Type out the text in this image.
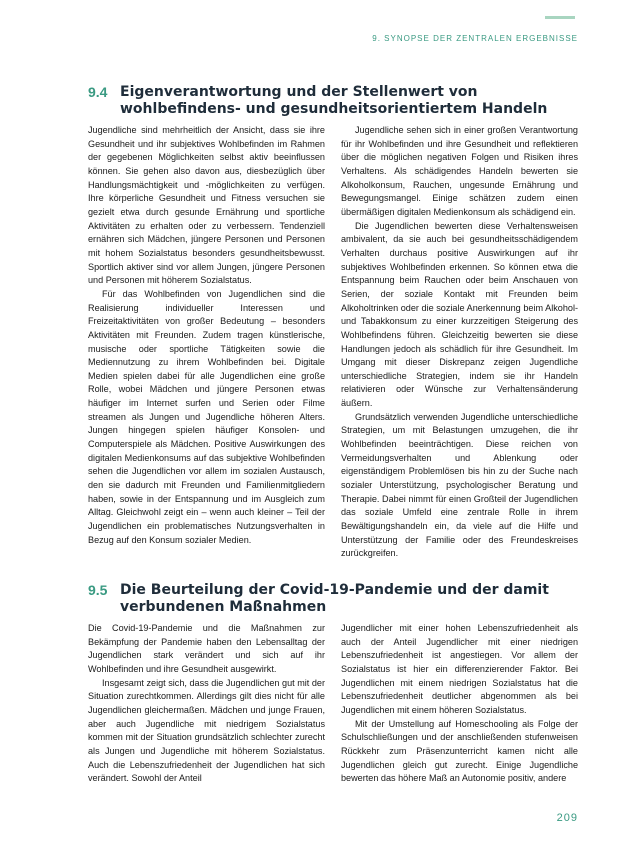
9. SYNOPSE DER ZENTRALEN ERGEBNISSE
9.4 Eigenverantwortung und der Stellenwert von wohlbefindens- und gesundheitsorientiertem Handeln

Jugendliche sind mehrheitlich der Ansicht, dass sie ihre Gesundheit und ihr subjektives Wohlbefinden im Rahmen der gegebenen Möglichkeiten selbst aktiv beeinflussen können. Sie gehen also davon aus, diesbezüglich über Handlungsmächtigkeit und -möglichkeiten zu verfügen. Ihre körperliche Gesundheit und Fitness versuchen sie gezielt etwa durch gesunde Ernährung und sportliche Aktivitäten zu erhalten oder zu verbessern. Tendenziell ernähren sich Mädchen, jüngere Personen und Personen mit hohem Sozialstatus besonders gesundheitsbewusst. Sportlich aktiver sind vor allem Jungen, jüngere Personen und Personen mit höherem Sozialstatus.

Für das Wohlbefinden von Jugendlichen sind die Realisierung individueller Interessen und Freizeitaktivitäten von großer Bedeutung – besonders Aktivitäten mit Freunden. Zudem tragen künstlerische, musische oder sportliche Tätigkeiten sowie die Mediennutzung zu ihrem Wohlbefinden bei. Digitale Medien spielen dabei für alle Jugendlichen eine große Rolle, wobei Mädchen und jüngere Personen etwas häufiger im Internet surfen und Serien oder Filme streamen als Jungen und Jugendliche höheren Alters. Jungen hingegen spielen häufiger Konsolen- und Computerspiele als Mädchen. Positive Auswirkungen des digitalen Medienkonsums auf das subjektive Wohlbefinden sehen die Jugendlichen vor allem im sozialen Austausch, den sie dadurch mit Freunden und Familienmitgliedern haben, sowie in der Entspannung und im Ausgleich zum Alltag. Gleichwohl zeigt ein – wenn auch kleiner – Teil der Jugendlichen ein problematisches Nutzungsverhalten in Bezug auf den Konsum sozialer Medien.

Jugendliche sehen sich in einer großen Verantwortung für ihr Wohlbefinden und ihre Gesundheit und reflektieren über die möglichen negativen Folgen und Risiken ihres Verhaltens. Als schädigendes Handeln bewerten sie Alkoholkonsum, Rauchen, ungesunde Ernährung und Bewegungsmangel. Einige schätzen zudem einen übermäßigen digitalen Medienkonsum als schädigend ein.

Die Jugendlichen bewerten diese Verhaltensweisen ambivalent, da sie auch bei gesundheitsschädigendem Verhalten durchaus positive Auswirkungen auf ihr subjektives Wohlbefinden erkennen. So können etwa die Entspannung beim Rauchen oder beim Anschauen von Serien, der soziale Kontakt mit Freunden beim Alkoholtrinken oder die soziale Anerkennung beim Alkohol- und Tabakkonsum zu einer kurzzeitigen Steigerung des Wohlbefindens führen. Gleichzeitig bewerten sie diese Handlungen jedoch als schädlich für ihre Gesundheit. Im Umgang mit dieser Diskrepanz zeigen Jugendliche unterschiedliche Strategien, indem sie ihr Handeln relativieren oder Wünsche zur Verhaltensänderung äußern.

Grundsätzlich verwenden Jugendliche unterschiedliche Strategien, um mit Belastungen umzugehen, die ihr Wohlbefinden beeinträchtigen. Diese reichen von Vermeidungsverhalten und Ablenkung oder eigenständigem Problemlösen bis hin zu der Suche nach sozialer Unterstützung, psychologischer Beratung und Therapie. Dabei nimmt für einen Großteil der Jugendlichen das soziale Umfeld eine zentrale Rolle in ihrem Bewältigungshandeln ein, da viele auf die Hilfe und Unterstützung der Familie oder des Freundeskreises zurückgreifen.

9.5 Die Beurteilung der Covid-19-Pandemie und der damit verbundenen Maßnahmen

Die Covid-19-Pandemie und die Maßnahmen zur Bekämpfung der Pandemie haben den Lebensalltag der Jugendlichen stark verändert und sich auf ihr Wohlbefinden und ihre Gesundheit ausgewirkt.

Insgesamt zeigt sich, dass die Jugendlichen gut mit der Situation zurechtkommen. Allerdings gilt dies nicht für alle Jugendlichen gleichermaßen. Mädchen und junge Frauen, aber auch Jugendliche mit niedrigem Sozialstatus kommen mit der Situation grundsätzlich schlechter zurecht als Jungen und Jugendliche mit höherem Sozialstatus. Auch die Lebenszufriedenheit der Jugendlichen hat sich verändert. Sowohl der Anteil

Jugendlicher mit einer hohen Lebenszufriedenheit als auch der Anteil Jugendlicher mit einer niedrigen Lebenszufriedenheit ist angestiegen. Vor allem der Sozialstatus ist hier ein differenzierender Faktor. Bei Jugendlichen mit einem niedrigen Sozialstatus hat die Lebenszufriedenheit deutlicher abgenommen als bei Jugendlichen mit einem höheren Sozialstatus.

Mit der Umstellung auf Homeschooling als Folge der Schulschließungen und der anschließenden stufenweisen Rückkehr zum Präsenzunterricht kamen nicht alle Jugendlichen gleich gut zurecht. Einige Jugendliche bewerten das höhere Maß an Autonomie positiv, andere

209
